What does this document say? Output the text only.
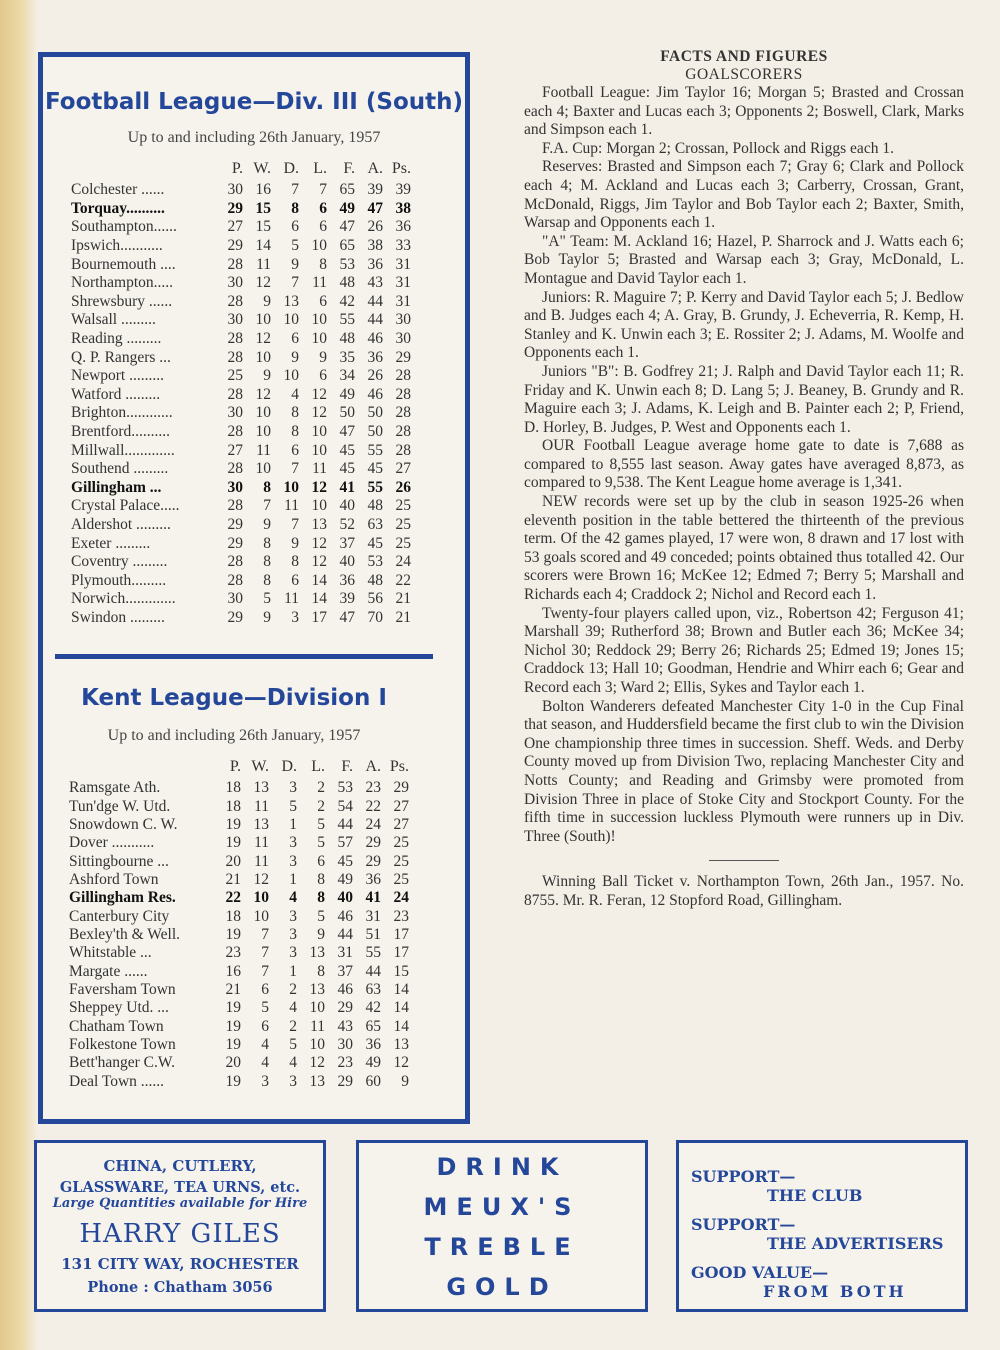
Football League—Div. III (South)
Up to and including 26th January, 1957
	P.	W.	D.	L.	F.	A.	Ps.
Colchester ......	30	16	7	7	65	39	39
Torquay..........	29	15	8	6	49	47	38
Southampton......	27	15	6	6	47	26	36
Ipswich...........	29	14	5	10	65	38	33
Bournemouth ....	28	11	9	8	53	36	31
Northampton.....	30	12	7	11	48	43	31
Shrewsbury ......	28	9	13	6	42	44	31
Walsall .........	30	10	10	10	55	44	30
Reading .........	28	12	6	10	48	46	30
Q. P. Rangers ...	28	10	9	9	35	36	29
Newport .........	25	9	10	6	34	26	28
Watford .........	28	12	4	12	49	46	28
Brighton............	30	10	8	12	50	50	28
Brentford..........	28	10	8	10	47	50	28
Millwall.............	27	11	6	10	45	55	28
Southend .........	28	10	7	11	45	45	27
Gillingham ...	30	8	10	12	41	55	26
Crystal Palace.....	28	7	11	10	40	48	25
Aldershot .........	29	9	7	13	52	63	25
Exeter .........	29	8	9	12	37	45	25
Coventry .........	28	8	8	12	40	53	24
Plymouth.........	28	8	6	14	36	48	22
Norwich.............	30	5	11	14	39	56	21
Swindon .........	29	9	3	17	47	70	21
Kent League—Division I
Up to and including 26th January, 1957
	P.	W.	D.	L.	F.	A.	Ps.
Ramsgate Ath.	18	13	3	2	53	23	29
Tun'dge W. Utd.	18	11	5	2	54	22	27
Snowdown C. W.	19	13	1	5	44	24	27
Dover ...........	19	11	3	5	57	29	25
Sittingbourne ...	20	11	3	6	45	29	25
Ashford Town	21	12	1	8	49	36	25
Gillingham Res.	22	10	4	8	40	41	24
Canterbury City	18	10	3	5	46	31	23
Bexley'th & Well.	19	7	3	9	44	51	17
Whitstable ...	23	7	3	13	31	55	17
Margate ......	16	7	1	8	37	44	15
Faversham Town	21	6	2	13	46	63	14
Sheppey Utd. ...	19	5	4	10	29	42	14
Chatham Town	19	6	2	11	43	65	14
Folkestone Town	19	4	5	10	30	36	13
Bett'hanger C.W.	20	4	4	12	23	49	12
Deal Town ......	19	3	3	13	29	60	9
FACTS AND FIGURES
GOALSCORERS

Football League: Jim Taylor 16; Morgan 5; Brasted and Crossan each 4; Baxter and Lucas each 3; Opponents 2; Boswell, Clark, Marks and Simpson each 1.

F.A. Cup: Morgan 2; Crossan, Pollock and Riggs each 1.

Reserves: Brasted and Simpson each 7; Gray 6; Clark and Pollock each 4; M. Ackland and Lucas each 3; Carberry, Crossan, Grant, McDonald, Riggs, Jim Taylor and Bob Taylor each 2; Baxter, Smith, Warsap and Opponents each 1.

"A" Team: M. Ackland 16; Hazel, P. Sharrock and J. Watts each 6; Bob Taylor 5; Brasted and Warsap each 3; Gray, McDonald, L. Montague and David Taylor each 1.

Juniors: R. Maguire 7; P. Kerry and David Taylor each 5; J. Bedlow and B. Judges each 4; A. Gray, B. Grundy, J. Echeverria, R. Kemp, H. Stanley and K. Unwin each 3; E. Rossiter 2; J. Adams, M. Woolfe and Opponents each 1.

Juniors "B": B. Godfrey 21; J. Ralph and David Taylor each 11; R. Friday and K. Unwin each 8; D. Lang 5; J. Beaney, B. Grundy and R. Maguire each 3; J. Adams, K. Leigh and B. Painter each 2; P, Friend, D. Horley, B. Judges, P. West and Opponents each 1.

OUR Football League average home gate to date is 7,688 as compared to 8,555 last season. Away gates have averaged 8,873, as compared to 9,538. The Kent League home average is 1,341.

NEW records were set up by the club in season 1925-26 when eleventh position in the table bettered the thirteenth of the previous term. Of the 42 games played, 17 were won, 8 drawn and 17 lost with 53 goals scored and 49 conceded; points obtained thus totalled 42. Our scorers were Brown 16; McKee 12; Edmed 7; Berry 5; Marshall and Richards each 4; Craddock 2; Nichol and Record each 1.

Twenty-four players called upon, viz., Robertson 42; Ferguson 41; Marshall 39; Rutherford 38; Brown and Butler each 36; McKee 34; Nichol 30; Reddock 29; Berry 26; Richards 25; Edmed 19; Jones 15; Craddock 13; Hall 10; Goodman, Hendrie and Whirr each 6; Gear and Record each 3; Ward 2; Ellis, Sykes and Taylor each 1.

Bolton Wanderers defeated Manchester City 1-0 in the Cup Final that season, and Huddersfield became the first club to win the Division One championship three times in succession. Sheff. Weds. and Derby County moved up from Division Two, replacing Manchester City and Notts County; and Reading and Grimsby were promoted from Division Three in place of Stoke City and Stockport County. For the fifth time in succession luckless Plymouth were runners up in Div. Three (South)!

Winning Ball Ticket v. Northampton Town, 26th Jan., 1957. No. 8755. Mr. R. Feran, 12 Stopford Road, Gillingham.

CHINA, CUTLERY,
GLASSWARE, TEA URNS, etc.
Large Quantities available for Hire
HARRY GILES
131 CITY WAY, ROCHESTER
Phone : Chatham 3056
DRINK
MEUX'S
TREBLE
GOLD
SUPPORT—
THE CLUB
SUPPORT—
THE ADVERTISERS
GOOD VALUE—
FROM BOTH
